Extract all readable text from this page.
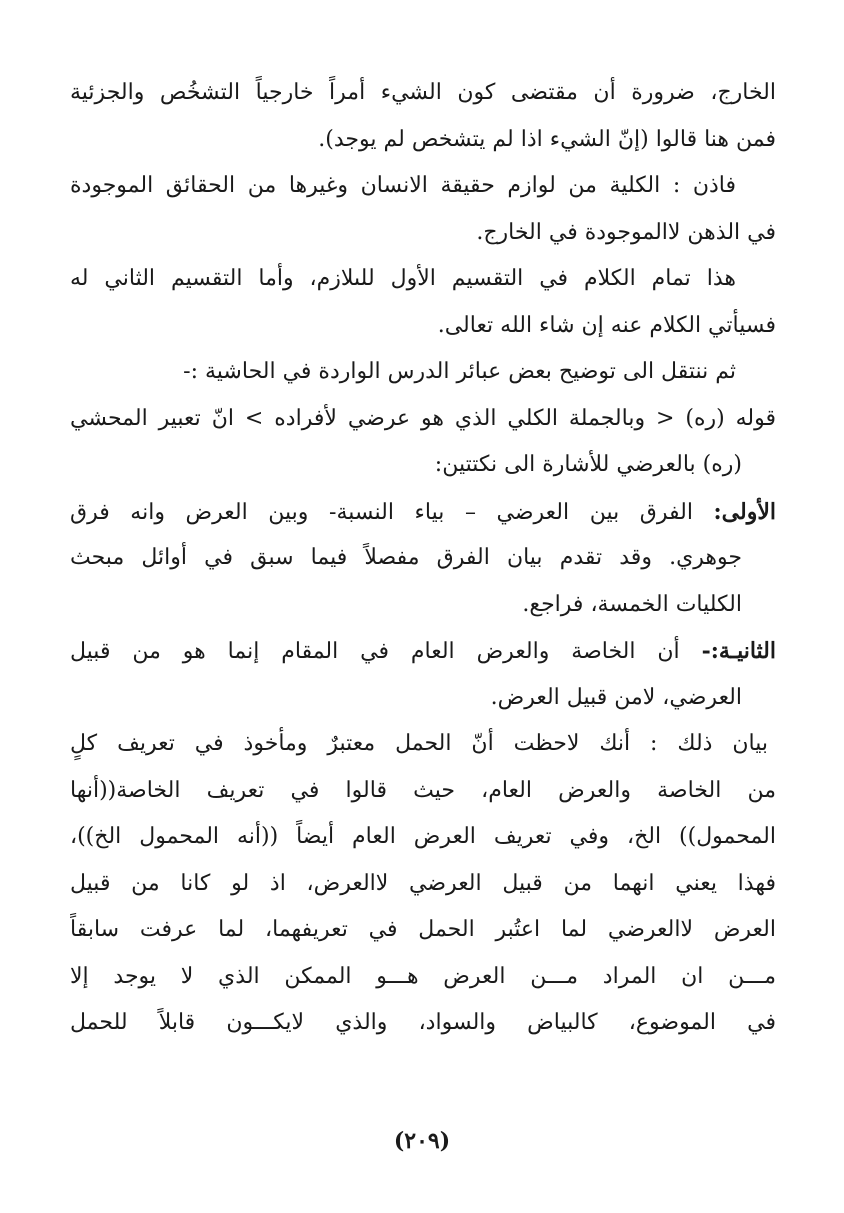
الخارج، ضرورة أن مقتضى كون الشيء أمراً خارجياً التشخُص والجزئية
فمن هنا قالوا (إنّ الشيء اذا لم يتشخص لم يوجد).
فاذن : الكلية من لوازم حقيقة الانسان وغيرها من الحقائق الموجودة
في الذهن لاالموجودة في الخارج.
هذا تمام الكلام في التقسيم الأول للىلازم، وأما التقسيم الثاني له
فسيأتي الكلام عنه إن شاء الله تعالى.
ثم ننتقل الى توضيح بعض عبائر الدرس الواردة في الحاشية :-
قوله (ره) < وبالجملة الكلي الذي هو عرضي لأفراده > انّ تعبير المحشي
(ره) بالعرضي للأشارة الى نكتتين:
الأولى: الفرق بين العرضي – بياء النسبة- وبين العرض وانه فرق
جوهري. وقد تقدم بيان الفرق مفصلاً فيما سبق في أوائل مبحث
الكليات الخمسة، فراجع.
الثانيـة:- أن الخاصة والعرض العام في المقام إنما هو من قبيل
العرضي، لامن قبيل العرض.
بيان ذلك : أنك لاحظت أنّ الحمل معتبرٌ ومأخوذ في تعريف كلٍ
من الخاصة والعرض العام، حيث قالوا في تعريف الخاصة((أنها
المحمول)) الخ، وفي تعريف العرض العام أيضاً ((أنه المحمول الخ))،
فهذا يعني انهما من قبيل العرضي لاالعرض، اذ لو كانا من قبيل
العرض لاالعرضي لما اعتُبر الحمل في تعريفهما، لما عرفت سابقاً
مـــن ان المراد مـــن العرض هـــو الممكن الذي لا يوجد إلا
في الموضوع، كالبياض والسواد، والذي لايكـــون قابلاً للحمل
(٢٠٩)
